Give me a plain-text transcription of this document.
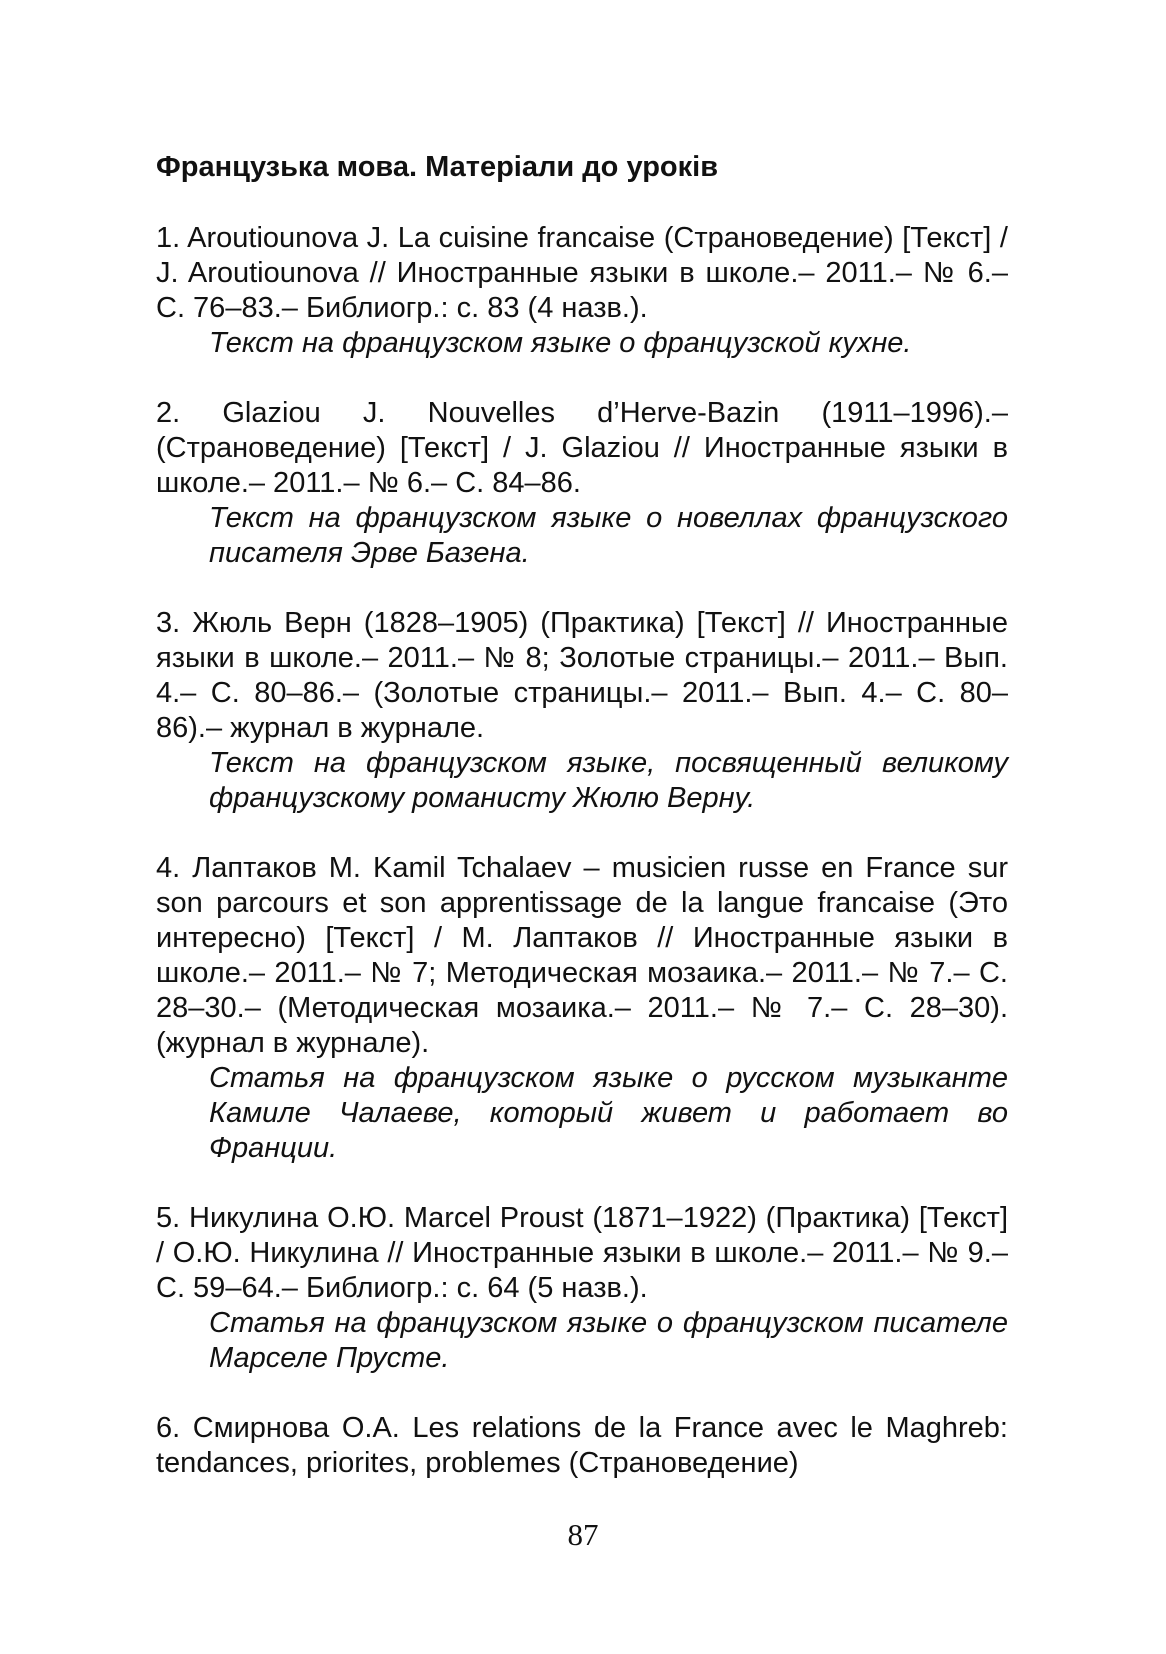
Французька мова. Матеріали до уроків

1. Aroutiounova J. La cuisine francaise (Страноведение) [Текст] / J. Aroutiounova // Иностранные языки в школе.– 2011.– № 6.– С. 76–83.– Библиогр.: с. 83 (4 назв.).

Текст на французском языке о французской кухне.

2. Glaziou J. Nouvelles d’Herve-Bazin (1911–1996).– (Страноведение) [Текст] / J. Glaziou // Иностранные языки в школе.– 2011.– № 6.– С. 84–86.

Текст на французском языке о новеллах французского писателя Эрве Базена.

3. Жюль Верн (1828–1905) (Практика) [Текст] // Иностранные языки в школе.– 2011.– № 8; Золотые страницы.– 2011.– Вып. 4.– С. 80–86.– (Золотые страницы.– 2011.– Вып. 4.– С. 80–86).– журнал в журнале.

Текст на французском языке, посвященный великому французскому романисту Жюлю Верну.

4. Лаптаков М. Kamil Tchalaev – musicien russe en France sur son parcours et son apprentissage de la langue francaise (Это интересно) [Текст] / М. Лаптаков // Иностранные языки в школе.– 2011.– № 7; Методическая мозаика.– 2011.– № 7.– С. 28–30.– (Методическая мозаика.– 2011.– № 7.– С. 28–30). (журнал в журнале).

Статья на французском языке о русском музыканте Камиле Чалаеве, который живет и работает во Франции.

5. Никулина О.Ю. Marcel Proust (1871–1922) (Практика) [Текст] / О.Ю. Никулина // Иностранные языки в школе.– 2011.– № 9.– С. 59–64.– Библиогр.: с. 64 (5 назв.).

Статья на французском языке о французском писателе Марселе Прусте.

6. Смирнова О.А. Les relations de la France avec le Maghreb: tendances, priorites, problemes (Страноведение)

87
